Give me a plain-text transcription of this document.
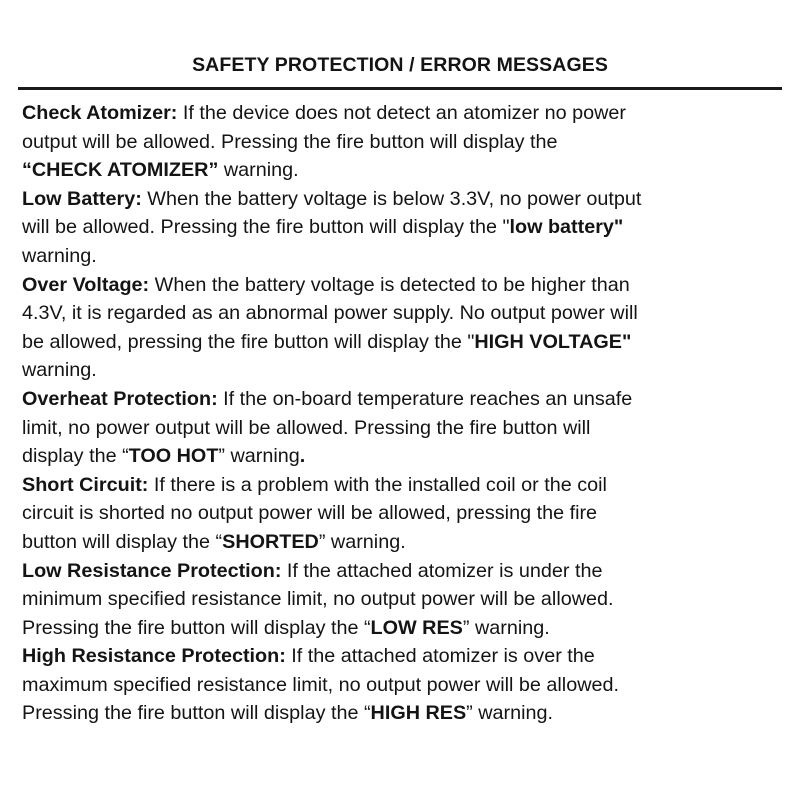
SAFETY PROTECTION / ERROR MESSAGES
Check Atomizer: If the device does not detect an atomizer no power
output will be allowed. Pressing the fire button will display the
“CHECK ATOMIZER” warning.
Low Battery: When the battery voltage is below 3.3V, no power output
will be allowed. Pressing the fire button will display the "low battery"
warning.
Over Voltage: When the battery voltage is detected to be higher than
4.3V, it is regarded as an abnormal power supply. No output power will
be allowed, pressing the fire button will display the "HIGH VOLTAGE"
warning.
Overheat Protection: If the on-board temperature reaches an unsafe
limit, no power output will be allowed. Pressing the fire button will
display the “TOO HOT” warning.
Short Circuit: If there is a problem with the installed coil or the coil
circuit is shorted no output power will be allowed, pressing the fire
button will display the “SHORTED” warning.
Low Resistance Protection: If the attached atomizer is under the
minimum specified resistance limit, no output power will be allowed.
Pressing the fire button will display the “LOW RES” warning.
High Resistance Protection: If the attached atomizer is over the
maximum specified resistance limit, no output power will be allowed.
Pressing the fire button will display the “HIGH RES” warning.
